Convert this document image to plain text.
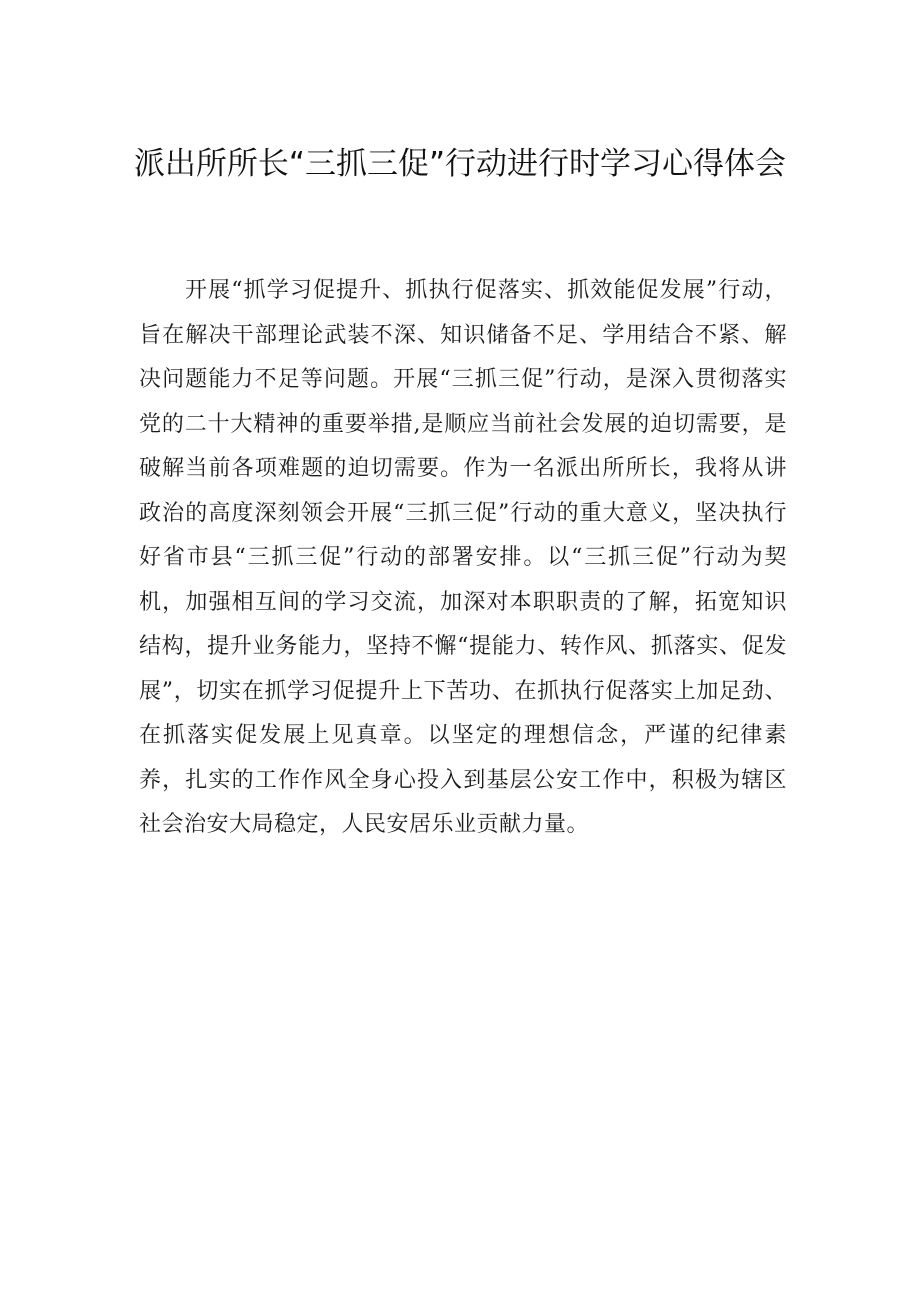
派出所所长“三抓三促”行动进行时学习心得体会

开展“抓学习促提升、抓执行促落实、抓效能促发展”行动，旨在解决干部理论武装不深、知识储备不足、学用结合不紧、解决问题能力不足等问题。开展“三抓三促”行动，是深入贯彻落实党的二十大精神的重要举措,是顺应当前社会发展的迫切需要，是破解当前各项难题的迫切需要。作为一名派出所所长，我将从讲政治的高度深刻领会开展“三抓三促”行动的重大意义，坚决执行好省市县“三抓三促”行动的部署安排。以“三抓三促”行动为契机，加强相互间的学习交流，加深对本职职责的了解，拓宽知识结构，提升业务能力，坚持不懈“提能力、转作风、抓落实、促发展”，切实在抓学习促提升上下苦功、在抓执行促落实上加足劲、在抓落实促发展上见真章。以坚定的理想信念，严谨的纪律素养，扎实的工作作风全身心投入到基层公安工作中，积极为辖区社会治安大局稳定，人民安居乐业贡献力量。
